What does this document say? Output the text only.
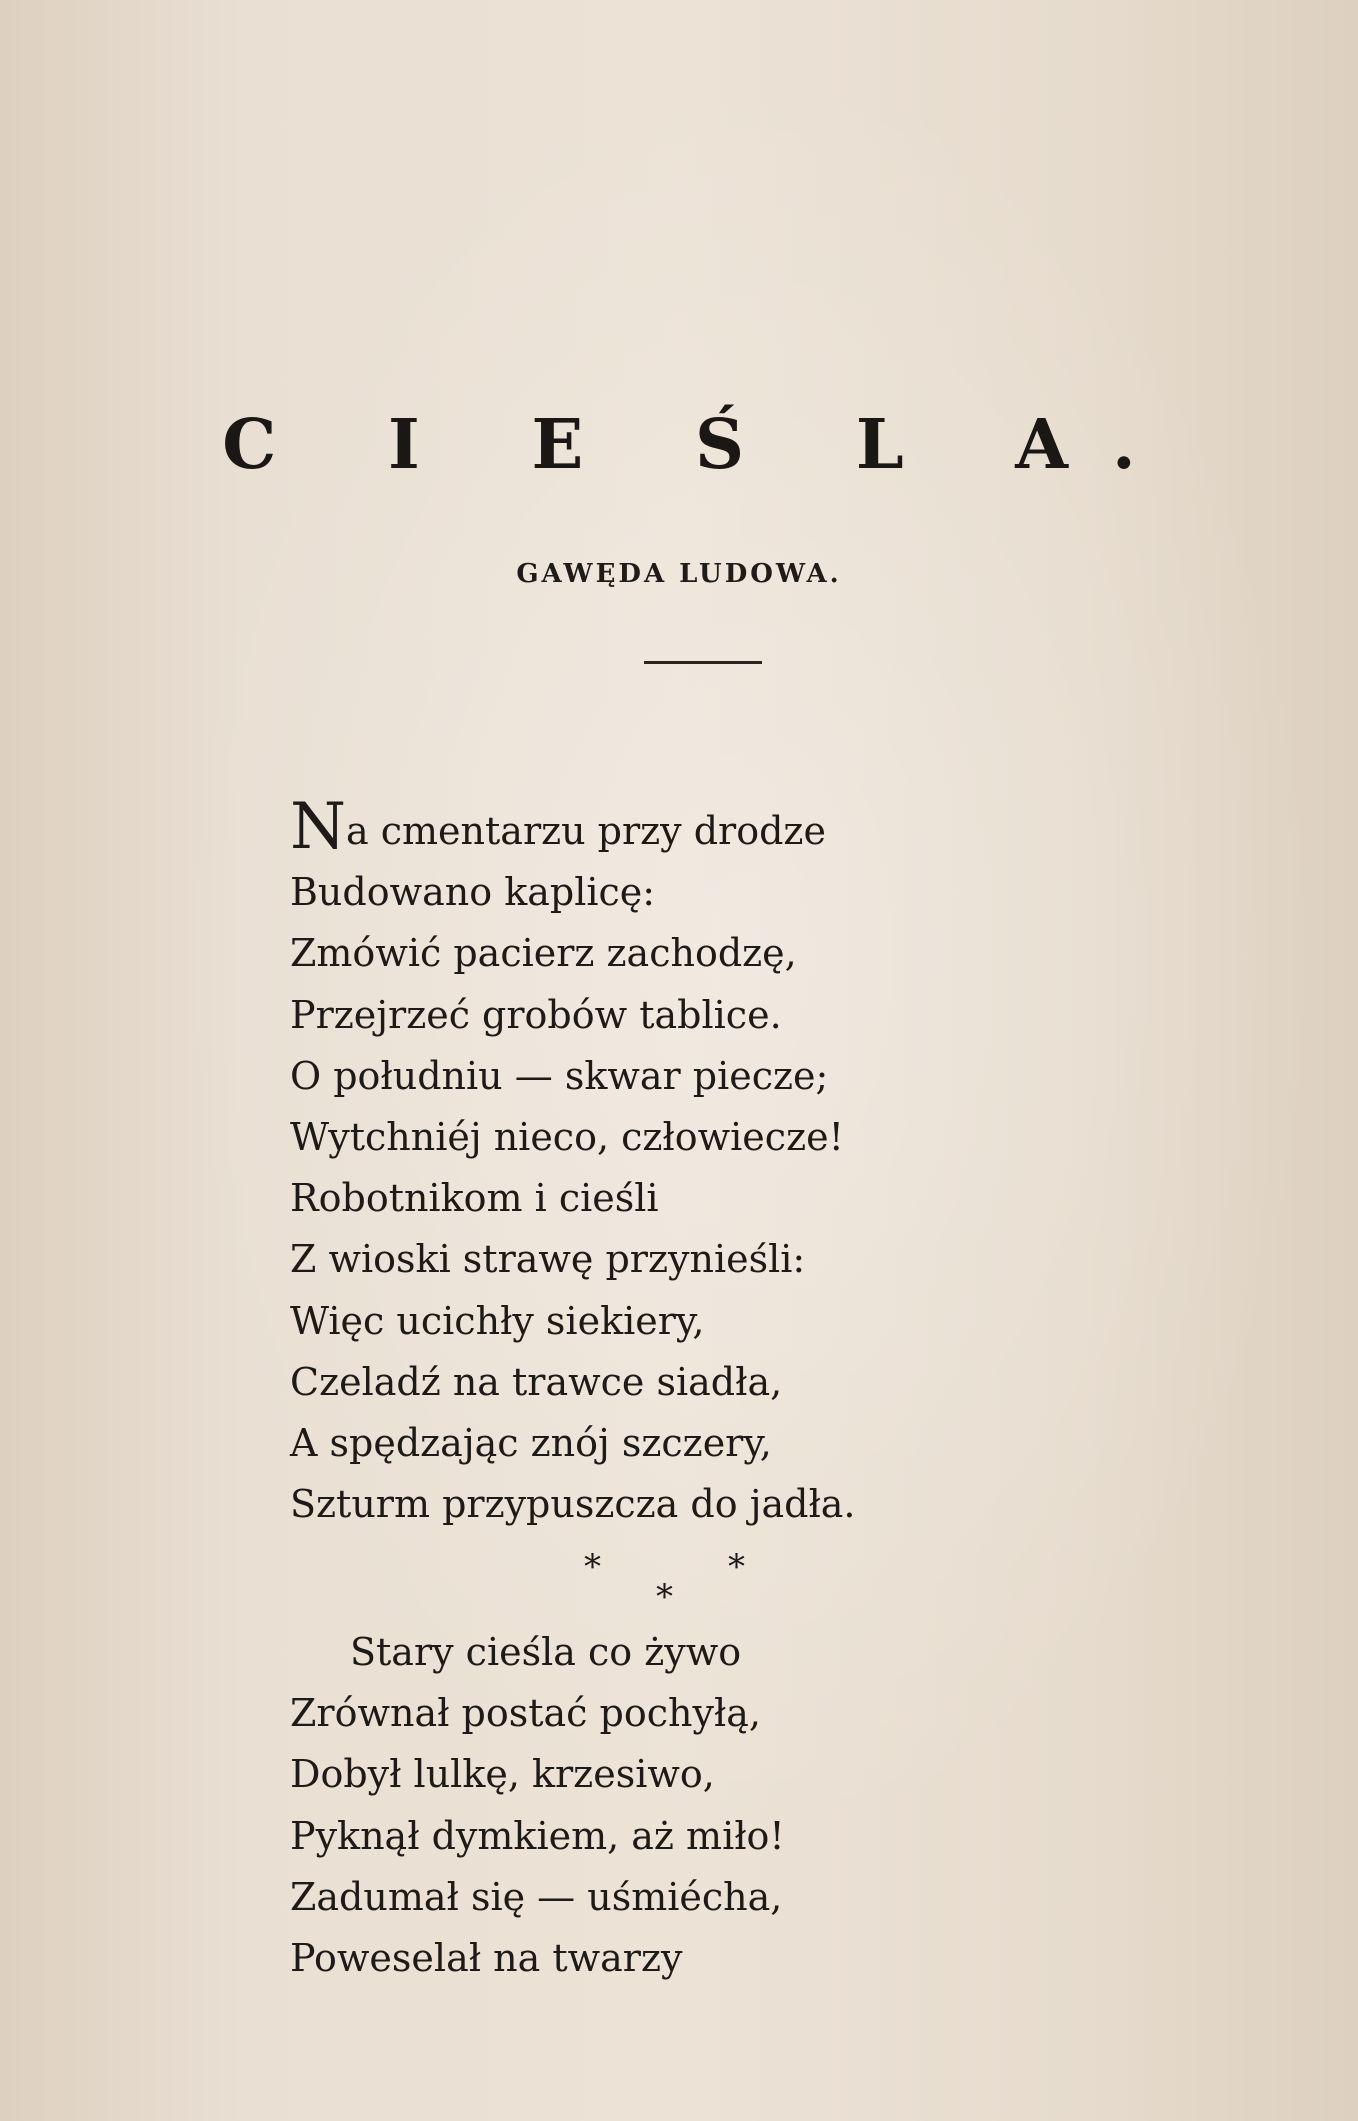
C I E Ś L A.
GAWĘDA LUDOWA.
Na cmentarzu przy drodze
Budowano kaplicę:
Zmówić pacierz zachodzę,
Przejrzeć grobów tablice.
O południu — skwar piecze;
Wytchniéj nieco, człowiecze!
Robotnikom i cieśli
Z wioski strawę przynieśli:
Więc ucichły siekiery,
Czeladź na trawce siadła,
A spędzając znój szczery,
Szturm przypuszcza do jadła.
*	*
*
Stary cieśla co żywo
Zrównał postać pochyłą,
Dobył lulkę, krzesiwo,
Pyknął dymkiem, aż miło!
Zadumał się — uśmiécha,
Poweselał na twarzy
